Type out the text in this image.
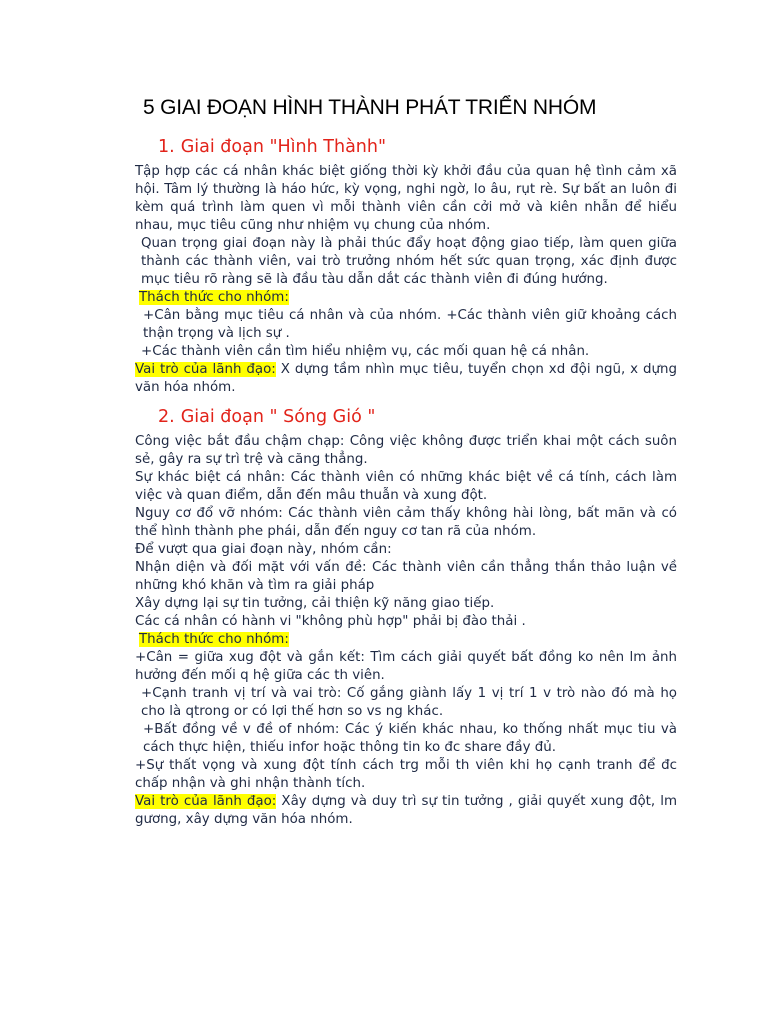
5 GIAI ĐOẠN HÌNH THÀNH PHÁT TRIỂN NHÓM
1. Giai đoạn "Hình Thành"

Tập hợp các cá nhân khác biệt giống thời kỳ khởi đầu của quan hệ tình cảm xã hội. Tâm lý thường là háo hức, kỳ vọng, nghi ngờ, lo âu, rụt rè. Sự bất an luôn đi kèm quá trình làm quen vì mỗi thành viên cần cởi mở và kiên nhẫn để hiểu nhau, mục tiêu cũng như nhiệm vụ chung của nhóm.

Quan trọng giai đoạn này là phải thúc đẩy hoạt động giao tiếp, làm quen giữa thành các thành viên, vai trò trưởng nhóm hết sức quan trọng, xác định được mục tiêu rõ ràng sẽ là đầu tàu dẫn dắt các thành viên đi đúng hướng.

Thách thức cho nhóm:

+Cân bằng mục tiêu cá nhân và của nhóm. +Các thành viên giữ khoảng cách thận trọng và lịch sự .

+Các thành viên cần tìm hiểu nhiệm vụ, các mối quan hệ cá nhân.

Vai trò của lãnh đạo: X dựng tầm nhìn mục tiêu, tuyển chọn xd đội ngũ, x dựng văn hóa nhóm.

2. Giai đoạn " Sóng Gió "

Công việc bắt đầu chậm chạp: Công việc không được triển khai một cách suôn sẻ, gây ra sự trì trệ và căng thẳng.

Sự khác biệt cá nhân: Các thành viên có những khác biệt về cá tính, cách làm việc và quan điểm, dẫn đến mâu thuẫn và xung đột.

Nguy cơ đổ vỡ nhóm: Các thành viên cảm thấy không hài lòng, bất mãn và có thể hình thành phe phái, dẫn đến nguy cơ tan rã của nhóm.

Để vượt qua giai đoạn này, nhóm cần:

Nhận diện và đối mặt với vấn đề: Các thành viên cần thẳng thắn thảo luận về những khó khăn và tìm ra giải pháp

Xây dựng lại sự tin tưởng, cải thiện kỹ năng giao tiếp.

Các cá nhân có hành vi "không phù hợp" phải bị đào thải .

Thách thức cho nhóm:

+Cân = giữa xug đột và gắn kết: Tìm cách giải quyết bất đồng ko nên lm ảnh hưởng đến mối q hệ giữa các th viên.

+Cạnh tranh vị trí và vai trò: Cố gắng giành lấy 1 vị trí 1 v trò nào đó mà họ cho là qtrong or có lợi thế hơn so vs ng khác.

+Bất đồng về v đề of nhóm: Các ý kiến khác nhau, ko thống nhất mục tiu và cách thực hiện, thiếu infor hoặc thông tin ko đc share đầy đủ.

+Sự thất vọng và xung đột tính cách trg mỗi th viên khi họ cạnh tranh để đc chấp nhận và ghi nhận thành tích.

Vai trò của lãnh đạo: Xây dựng và duy trì sự tin tưởng , giải quyết xung đột, lm gương, xây dựng văn hóa nhóm.
